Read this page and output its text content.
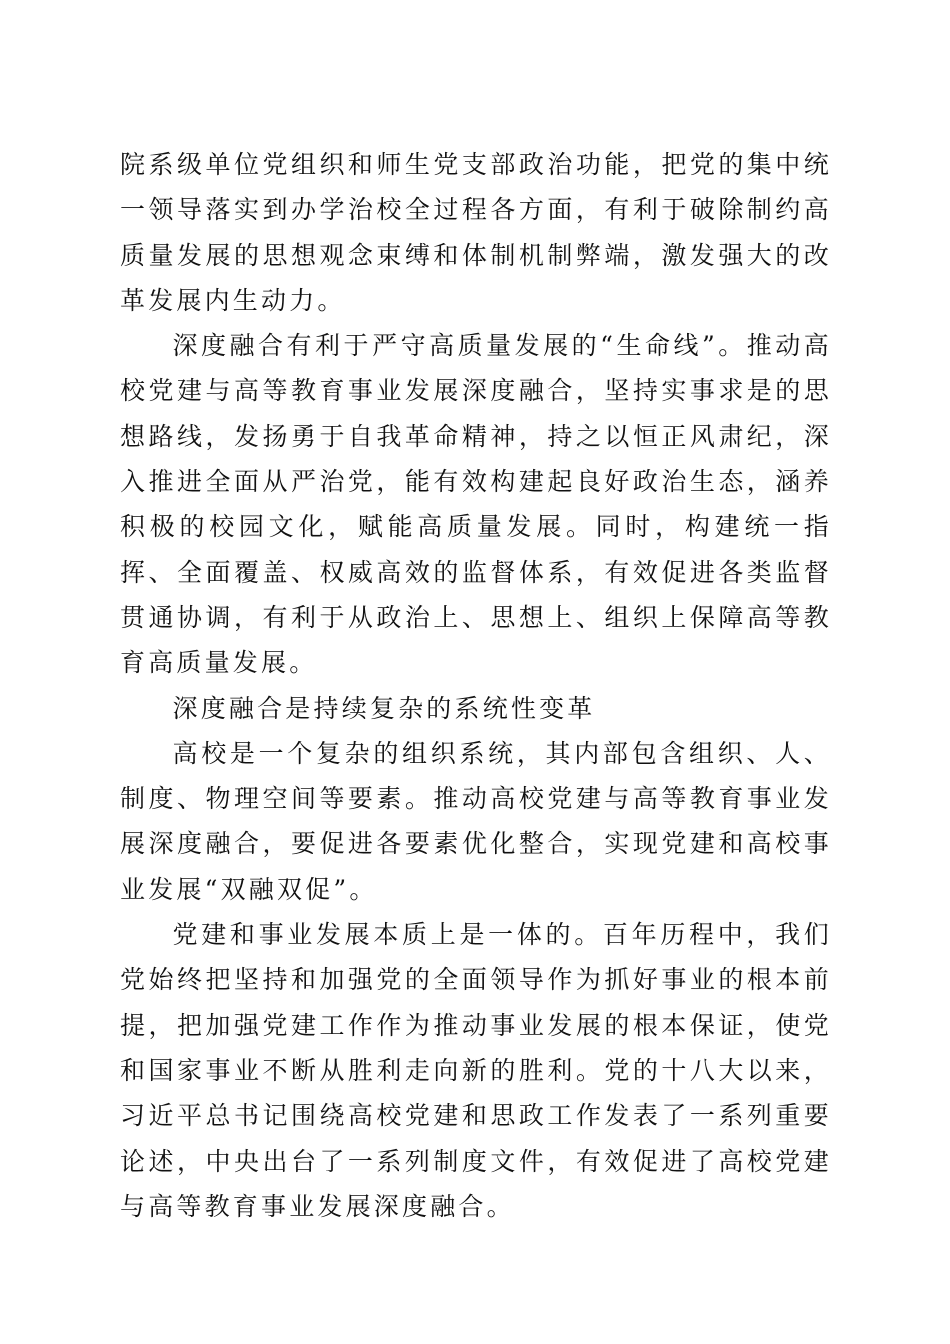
院系级单位党组织和师生党支部政治功能，把党的集中统一领导落实到办学治校全过程各方面，有利于破除制约高质量发展的思想观念束缚和体制机制弊端，激发强大的改革发展内生动力。

深度融合有利于严守高质量发展的“生命线”。推动高校党建与高等教育事业发展深度融合，坚持实事求是的思想路线，发扬勇于自我革命精神，持之以恒正风肃纪，深入推进全面从严治党，能有效构建起良好政治生态，涵养积极的校园文化，赋能高质量发展。同时，构建统一指挥、全面覆盖、权威高效的监督体系，有效促进各类监督贯通协调，有利于从政治上、思想上、组织上保障高等教育高质量发展。

深度融合是持续复杂的系统性变革

高校是一个复杂的组织系统，其内部包含组织、人、制度、物理空间等要素。推动高校党建与高等教育事业发展深度融合，要促进各要素优化整合，实现党建和高校事业发展“双融双促”。

党建和事业发展本质上是一体的。百年历程中，我们党始终把坚持和加强党的全面领导作为抓好事业的根本前提，把加强党建工作作为推动事业发展的根本保证，使党和国家事业不断从胜利走向新的胜利。党的十八大以来，习近平总书记围绕高校党建和思政工作发表了一系列重要论述，中央出台了一系列制度文件，有效促进了高校党建与高等教育事业发展深度融合。
